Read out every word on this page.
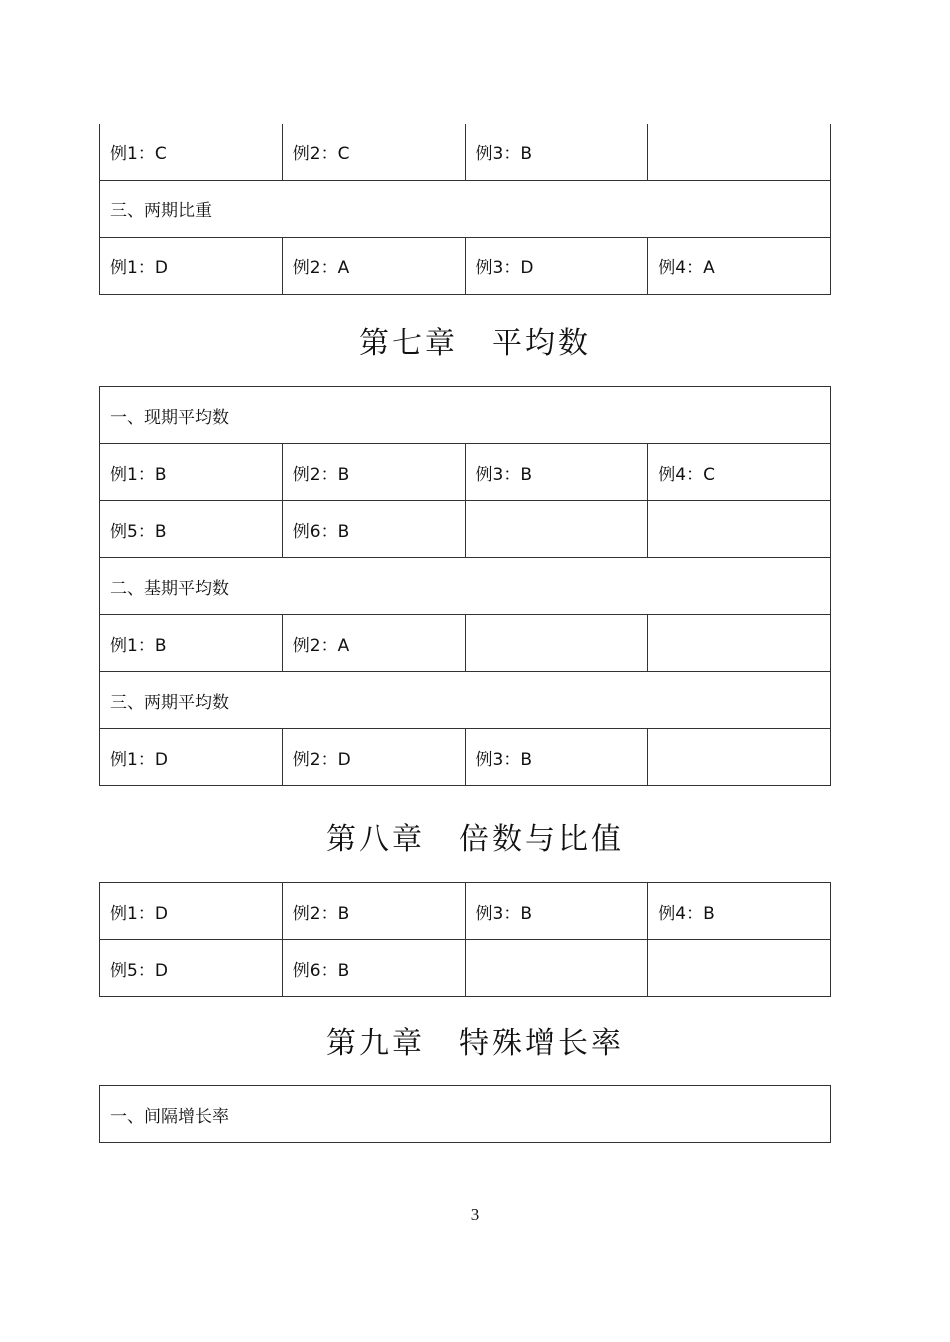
例1：C	例2：C	例3：B	
三、两期比重			
例1：D	例2：A	例3：D	例4：A
第七章 平均数
一、现期平均数			
例1：B	例2：B	例3：B	例4：C
例5：B	例6：B		
二、基期平均数			
例1：B	例2：A		
三、两期平均数			
例1：D	例2：D	例3：B	
第八章 倍数与比值
例1：D	例2：B	例3：B	例4：B
例5：D	例6：B		
第九章 特殊增长率
一、间隔增长率
3
